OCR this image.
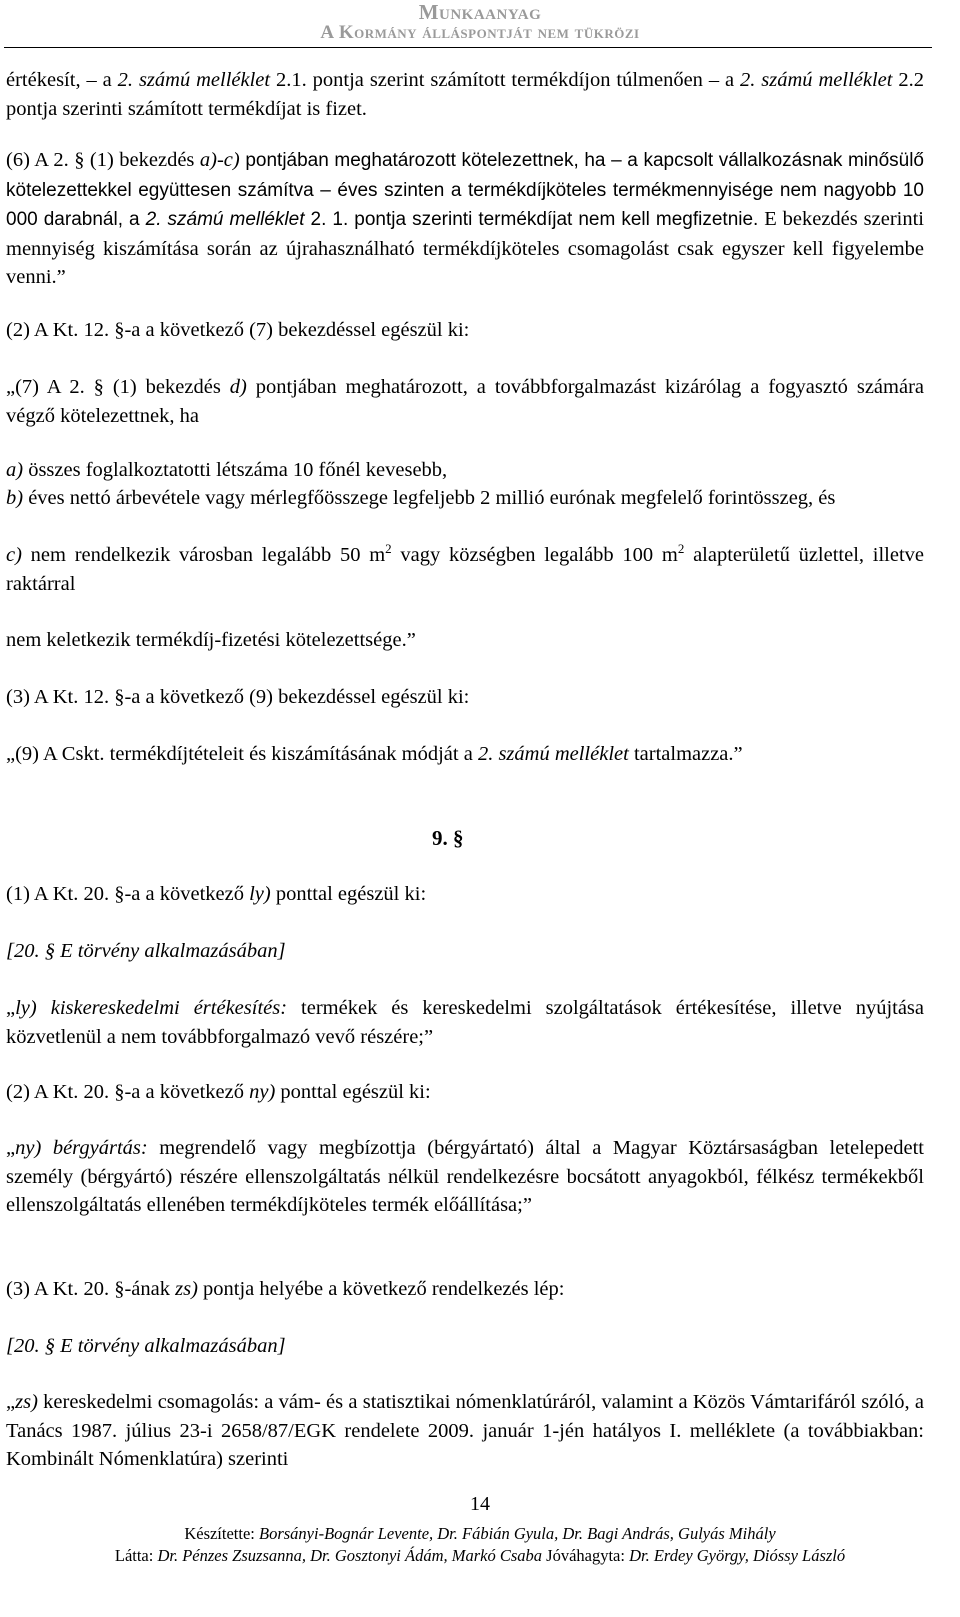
Munkaanyag
A Kormány álláspontját nem tükrözi

értékesít, – a 2. számú melléklet 2.1. pontja szerint számított termékdíjon túlmenően – a 2. számú melléklet 2.2 pontja szerinti számított termékdíjat is fizet.

(6) A 2. § (1) bekezdés a)-c) pontjában meghatározott kötelezettnek, ha – a kapcsolt vállalkozásnak minősülő kötelezettekkel együttesen számítva – éves szinten a termékdíjköteles termékmennyisége nem nagyobb 10 000 darabnál, a 2. számú melléklet 2. 1. pontja szerinti termékdíjat nem kell megfizetnie. E bekezdés szerinti mennyiség kiszámítása során az újrahasználható termékdíjköteles csomagolást csak egyszer kell figyelembe venni.”

(2) A Kt. 12. §-a a következő (7) bekezdéssel egészül ki:

„(7) A 2. § (1) bekezdés d) pontjában meghatározott, a továbbforgalmazást kizárólag a fogyasztó számára végző kötelezettnek, ha

a) összes foglalkoztatotti létszáma 10 főnél kevesebb,

b) éves nettó árbevétele vagy mérlegfőösszege legfeljebb 2 millió eurónak megfelelő forintösszeg, és

c) nem rendelkezik városban legalább 50 $m^2$ vagy községben legalább 100 $m^2$ alapterületű üzlettel, illetve raktárral

nem keletkezik termékdíj-fizetési kötelezettsége.”

(3) A Kt. 12. §-a a következő (9) bekezdéssel egészül ki:

„(9) A Cskt. termékdíjtételeit és kiszámításának módját a 2. számú melléklet tartalmazza.”

9. §

(1) A Kt. 20. §-a a következő ly) ponttal egészül ki:

[20. § E törvény alkalmazásában]

„ly) kiskereskedelmi értékesítés: termékek és kereskedelmi szolgáltatások értékesítése, illetve nyújtása közvetlenül a nem továbbforgalmazó vevő részére;”

(2) A Kt. 20. §-a a következő ny) ponttal egészül ki:

„ny) bérgyártás: megrendelő vagy megbízottja (bérgyártató) által a Magyar Köztársaságban letelepedett személy (bérgyártó) részére ellenszolgáltatás nélkül rendelkezésre bocsátott anyagokból, félkész termékekből ellenszolgáltatás ellenében termékdíjköteles termék előállítása;”

(3) A Kt. 20. §-ának zs) pontja helyébe a következő rendelkezés lép:

[20. § E törvény alkalmazásában]

„zs) kereskedelmi csomagolás: a vám- és a statisztikai nómenklatúráról, valamint a Közös Vámtarifáról szóló, a Tanács 1987. július 23-i 2658/87/EGK rendelete 2009. január 1-jén hatályos I. melléklete (a továbbiakban: Kombinált Nómenklatúra) szerinti

14
Készítette: Borsányi-Bognár Levente, Dr. Fábián Gyula, Dr. Bagi András, Gulyás Mihály
Látta: Dr. Pénzes Zsuzsanna, Dr. Gosztonyi Ádám, Markó Csaba Jóváhagyta: Dr. Erdey György, Dióssy László
